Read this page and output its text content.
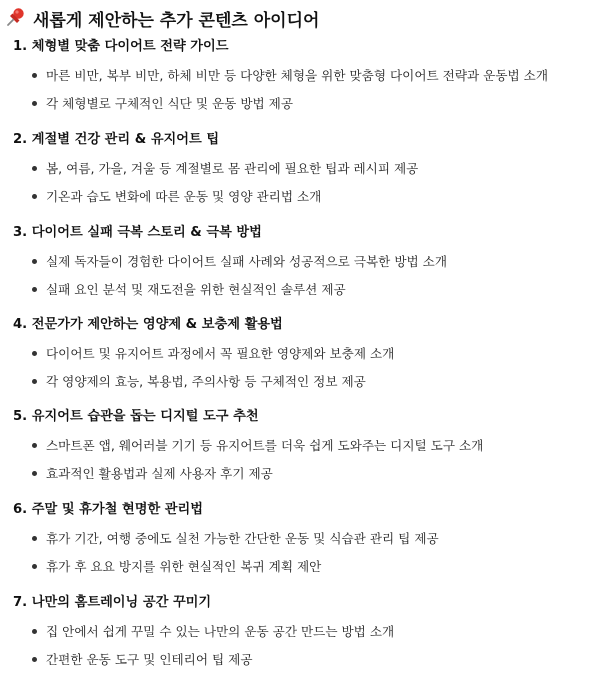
새롭게 제안하는 추가 콘텐츠 아이디어
1. 체형별 맞춤 다이어트 전략 가이드
마른 비만, 복부 비만, 하체 비만 등 다양한 체형을 위한 맞춤형 다이어트 전략과 운동법 소개
각 체형별로 구체적인 식단 및 운동 방법 제공
2. 계절별 건강 관리 & 유지어트 팁
봄, 여름, 가을, 겨울 등 계절별로 몸 관리에 필요한 팁과 레시피 제공
기온과 습도 변화에 따른 운동 및 영양 관리법 소개
3. 다이어트 실패 극복 스토리 & 극복 방법
실제 독자들이 경험한 다이어트 실패 사례와 성공적으로 극복한 방법 소개
실패 요인 분석 및 재도전을 위한 현실적인 솔루션 제공
4. 전문가가 제안하는 영양제 & 보충제 활용법
다이어트 및 유지어트 과정에서 꼭 필요한 영양제와 보충제 소개
각 영양제의 효능, 복용법, 주의사항 등 구체적인 정보 제공
5. 유지어트 습관을 돕는 디지털 도구 추천
스마트폰 앱, 웨어러블 기기 등 유지어트를 더욱 쉽게 도와주는 디지털 도구 소개
효과적인 활용법과 실제 사용자 후기 제공
6. 주말 및 휴가철 현명한 관리법
휴가 기간, 여행 중에도 실천 가능한 간단한 운동 및 식습관 관리 팁 제공
휴가 후 요요 방지를 위한 현실적인 복귀 계획 제안
7. 나만의 홈트레이닝 공간 꾸미기
집 안에서 쉽게 꾸밀 수 있는 나만의 운동 공간 만드는 방법 소개
간편한 운동 도구 및 인테리어 팁 제공
